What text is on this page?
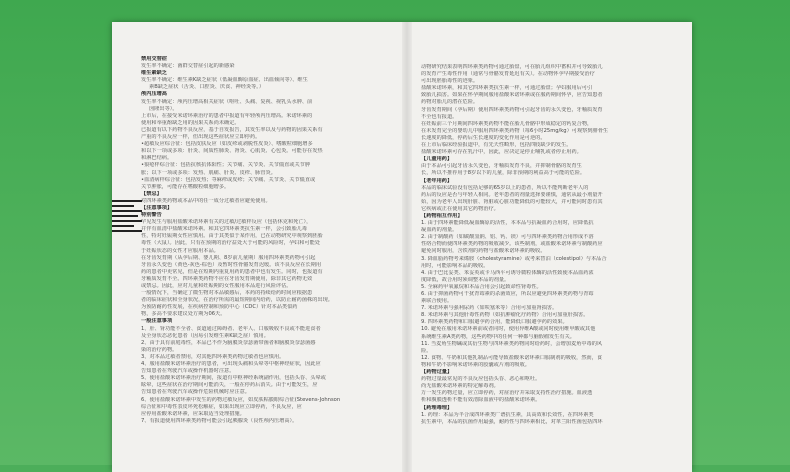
禁用交替症
发生率不确定：菌群交替症引起的新感染
维生素缺乏
发生率不确定：维生素K缺乏症状（低凝血酶原血症、出血倾向等）、维生
素B缺乏症状（舌炎、口腔炎、厌食、神经炎等。）
颅内压增高
发生率不确定：颅内压增高相关症状（呕吐、头痛、复视、视乳头水肿、前
囟隆出等）。
上市后，在接受米诺环素治疗的患者中报道有年轻颅内压增高。米诺环素的
使用和举重酚缺乏用的因果关系尚未确定。
已报道有以下药物不良反应，基于自发报告，其发生率以及与药物的因果关系有
产重的不良反应一样，但出现这些症状应立即停药。
•超敏反应综合征：包括皮肤反应（如皮疹或剥脱性皮炎）、嗜酸粒细胞增多
和以下一项或多项：肝炎、间质性肺炎、肾炎、心肌炎、心包炎。可能存在发热
和淋巴结病。
•狼疮样综合征：包括抗核抗体阳性；关节痛、关节炎、关节僵直或关节肿
胀；以下一项或多项：发热、肌痛、肝炎、皮疹、脉管炎。
•血清病样综合征：包括发热；荨麻疹或皮疹；关节痛、关节炎、关节僵直或
关节肿胀，可能存在嗜酸粒细胞增多。
【禁忌】
对四环素类药物或本品中的任一成分过敏者应避免使用。
【注意事项】
特别警告
罕见发生与服用盐酸米诺环素有关的过敏/过敏样反应（包括休克和死亡），
并伴有血清中盐酸米诺环素。和其它四环素类抗生素一样，会引致胎儿毒
性，特对妊娠期女性应慎用。由于其类似于某作用，已在动物研究中观察到胚胎
毒性（大鼠）。因此，只有在预期的治疗益处大于可能的风险时，孕妇和可能处
于妊娠状态的女性才应服用本品。
在牙齿发育期（从孕后期、婴儿期、8岁前儿童期）服用四环素类药物可引起
牙齿永久变色（黄色-灰色-棕色）及暂时性骨骼发育迟缓。该不良反应在长期用
药的患者中更常见，但是在短期内重复用药的患者中也有发生。同时，也报道有
牙釉质发育不全。四环素类药物不应在牙齿发育期使用，除非其它药物无效
或禁忌。因此，应对儿童和妊娠期的女性服用本品进行风险评估。
一般情况下，当确定了微生物对本品敏感后，本药的持续给药时间应根据患
者的临床症状和全身状况，在治疗所需的最短期间内给药，以防止耐药菌株的出现。
为预防耐药性发展，在疾病控制和预防中心（CDC）针对本品类似药
物，多高不要求建议处方期为06天。
一般注意事项
1、肝、肾功能不全者、食道通过障碍者、老年人、口服吸收不良或不能进食者
及全身状态恶化患者（因易引发维生素K缺乏症）慎用。
2、由于具有前庭毒性，本品已不作为脑膜炎奈瑟菌带菌者和脑膜炎奈瑟菌感
染的治疗药物。
3、对本品过敏者禁用，对其他四环素类药物过敏者也应慎用。
4、服用盐酸米诺环素治疗的患者，可出现头痛和头晕等中枢神经症状，因此应
告知患者在驾驶汽车或操作机器时注意。
5、使用盐酸米诺环素治疗期间，报道有中枢神经系统副作用，包括头昏、头晕或
眩晕，这些症状在治疗期间可能消失，一般在停药后消失。由于可能发生，应
告知患者在驾驶汽车或操作危险机械时应注意。
6、使用盐酸米诺环素中发生的药物过敏反应，如皮肤粘膜眼综合征(Stevens-Johnson
综合征和中毒性表皮坏死松解症，如果出现应立即停药，不良反应，应
应停用盐酸米诺环素，应采取适当处理措施。
7、有报道使用四环素类药物可能会引起胰腺炎（良性颅内压增高）。
动物研究结果表明四环素类药物可通过胎盘，可在胎儿组织中蓄积并可导致胎儿
的发育产生毒性作用（通常与骨骼发育延迟有关）。在动物怀孕早期接受治疗
可出现胚胎毒性的迹象。
盐酸米诺环素，和其它四环素类抗生素一样，可通过胎盘；孕妇服用后可引
致胎儿损害。如果在怀孕期间服用盐酸米诺环素或在服药期间怀孕，应告知患者
药物对胎儿的潜在危险。
牙齿发育期间（孕后期）使用四环素类药物可引起牙齿的永久变色，牙釉质发育
不全也有报道。
在妊娠前三个月期间四环素类药物不能在胎儿骨骼中形成稳定的钙复合物，
在未发育完全的婴幼儿中服用四环素类药物（每6小时25mg/kg）可观察到腓骨生
长速度的降低，停药后生长速度的变化作用是可逆的。
在上市后临床经验报道中，有先天性畸形，包括四肢缺少的发生。
盐酸米诺环素可存在乳汁中，因此，应决定是停止哺乳或者停止用药。
【儿童用药】
由于本品可引起牙齿永久变色，牙釉质发育不良，并抑制骨骼的发育生
长，所以不推荐用于8岁以下的儿童，除非预期的利益高于可能的危险。
【老年用药】
本品的临床试验没有包括足够的65岁以上的患者，所以不能判断老年人的
药后的反应是否与年轻人相同。老年患者的剂量选择要谨慎，通常从最小剂量开
始，因为老年人出现肝脏、肾脏或心脏功能降低的可能较大，并可能同时患有其
它疾病或正在使用其它药物治疗。
【药物相互作用】
1. 由于四环素能降低凝血酶原的活性，本本品与抗凝血药合用时，应降低抗
凝血药的剂量。
2. 由于制酸药（如碳酸氢钠、铝、钙、镁）可与四环素类药物合用形成不溶
性络合物而使四环素类药物的吸收减少。该些制剂，或盐酸米诺环素与制酸药应
避免同时服用，含铁剂的药物与盐酸米诺环素的吸收。
3. 降血脂药物考来烯胺（cholestyramine）或考来替泊（colestipol）与本品合
用时，可能影响本品的吸收。
4. 由于巴比妥类、苯妥英或卡马西平可诱导微粒体酶的活性致使本品血药浓
度降低，故合用时须调整本品的剂量。
5. 全麻药甲氧氟烷和本品合用会引起致命性肾毒性。
6. 由于抑菌药物可干扰青霉素的杀菌效应，所以应避免四环素类药物与青霉
素联合使用。
7. 米诺环素与强利尿药（如呋塞米等）合用可加重肾损害。
8. 米诺环素与其他肝毒性药物（如抗肿瘤化疗药物）合用可加重肝损害。
9. 四环素类药物和口服避孕药合用，能降低口服避孕药的效果。
10. 避免在服用米诺环素前或者同时，使用异维A酸或同时使用维甲酸或其他
系统维生素A类药物，这些药物中的任何一种都与脑假瘤发生有关。
11. 当麦角生物碱或其衍生物与四环素类药物同时给药时，会增加麦角中毒的风
险。
12. 食物、牛奶和其他乳制品可能导致盐酸米诺环素口服制剂的吸收，然而，食
物和牛奶不影响米诺环素的胶囊或片剂的吸收。
【药物过量】
药物过量最常见的不良反应包括头昏、恶心和呕吐。
尚无盐酸米诺环素的特定解毒剂。
万一发生药物过量，应立即停药，对症治疗并采取支持性治疗措施。血液透
析和腹膜透析不能有效清除血液中的盐酸米诺环素。
【药理毒理】
1. 药理：本品为半合成四环素类广谱抗生素，具高效和长效性，在四环素类
抗生素中，本品的抗菌作用最强，耐药性与四环素相比，对革兰阳性菌包括四环
